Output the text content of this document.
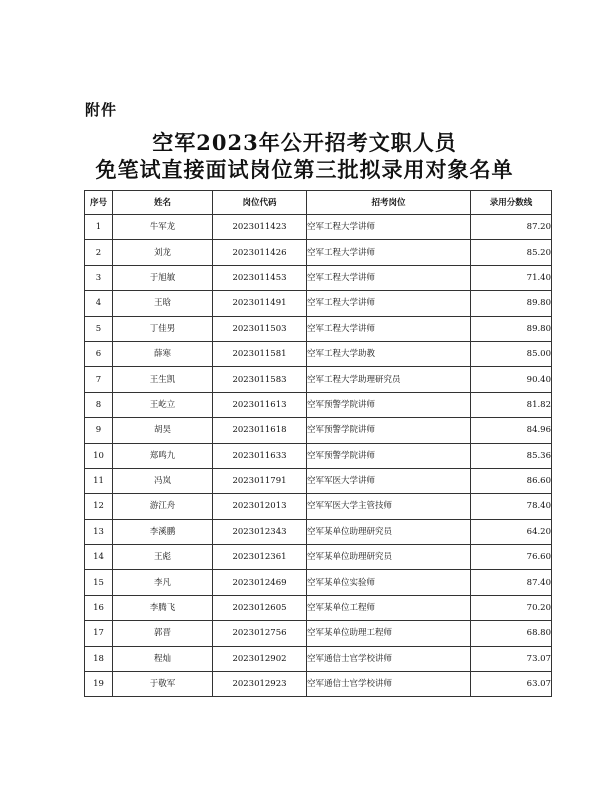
附件
空军2023年公开招考文职人员
免笔试直接面试岗位第三批拟录用对象名单
序号	姓名	岗位代码	招考岗位	录用分数线
1	牛军龙	2023011423	空军工程大学讲师	87.20
2	刘龙	2023011426	空军工程大学讲师	85.20
3	于旭敏	2023011453	空军工程大学讲师	71.40
4	王晗	2023011491	空军工程大学讲师	89.80
5	丁佳男	2023011503	空军工程大学讲师	89.80
6	薛寒	2023011581	空军工程大学助教	85.00
7	王生凯	2023011583	空军工程大学助理研究员	90.40
8	王屹立	2023011613	空军预警学院讲师	81.82
9	胡昊	2023011618	空军预警学院讲师	84.96
10	郑鸣九	2023011633	空军预警学院讲师	85.36
11	冯岚	2023011791	空军军医大学讲师	86.60
12	游江舟	2023012013	空军军医大学主管技师	78.40
13	李溪鹏	2023012343	空军某单位助理研究员	64.20
14	王彪	2023012361	空军某单位助理研究员	76.60
15	李凡	2023012469	空军某单位实验师	87.40
16	李腾飞	2023012605	空军某单位工程师	70.20
17	郭晋	2023012756	空军某单位助理工程师	68.80
18	程灿	2023012902	空军通信士官学校讲师	73.07
19	于敬军	2023012923	空军通信士官学校讲师	63.07
